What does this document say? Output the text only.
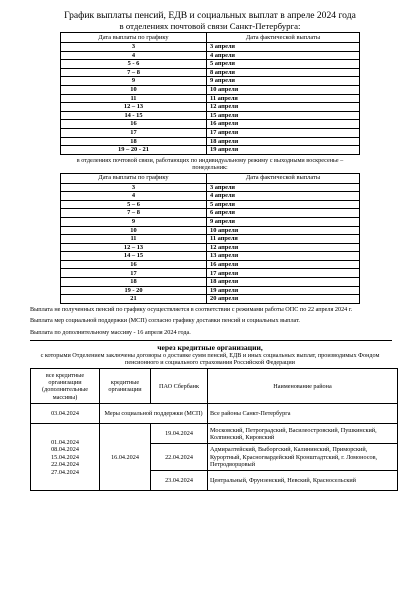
График выплаты пенсий, ЕДВ и социальных выплат в апреле 2024 года
в отделениях почтовой связи Санкт-Петербурга:
Дата выплаты по графику	Дата фактической выплаты
3	3 апреля
4	4 апреля
5 - 6	5 апреля
7 – 8	8 апреля
9	9 апреля
10	10 апреля
11	11 апреля
12 – 13	12 апреля
14 - 15	15 апреля
16	16 апреля
17	17 апреля
18	18 апреля
19 – 20 - 21	19 апреля
в отделениях почтовой связи, работающих по индивидуальному режиму с выходными воскресенье – понедельник:
Дата выплаты по графику	Дата фактической выплаты
3	3 апреля
4	4 апреля
5 – 6	5 апреля
7 – 8	6 апреля
9	9 апреля
10	10 апреля
11	11 апреля
12 – 13	12 апреля
14 – 15	13 апреля
16	16 апреля
17	17 апреля
18	18 апреля
19 - 20	19 апреля
21	20 апреля

Выплата не полученных пенсий по графику осуществляется в соответствии с режимами работы ОПС по 22 апреля 2024 г.

Выплата мер социальной поддержки (МСП) согласно графику доставки пенсий и социальных выплат.

Выплата по дополнительному массиву - 16 апреля 2024 года.

через кредитные организации,
с которыми Отделением заключены договоры о доставке сумм пенсий, ЕДВ и иных социальных выплат, производимых Фондом пенсионного и социального страхования Российской Федерации
все кредитные организации (дополнительные массивы)	кредитные организации	ПАО Сбербанк	Наименование района
03.04.2024	Меры социальной поддержки (МСП)		Все районы Санкт-Петербурга
01.04.2024
08.04.2024
15.04.2024
22.04.2024
27.04.2024	16.04.2024	19.04.2024	Московский, Петроградский, Василеостровский, Пушкинский, Колпинский, Кировский
		22.04.2024	Адмиралтейский, Выборгский, Калининский, Приморский, Курортный, Красногвардейский Кронштадтский, г. Ломоносов, Петродворцовый
		23.04.2024	Центральный, Фрунзенский, Невский, Красносельский
